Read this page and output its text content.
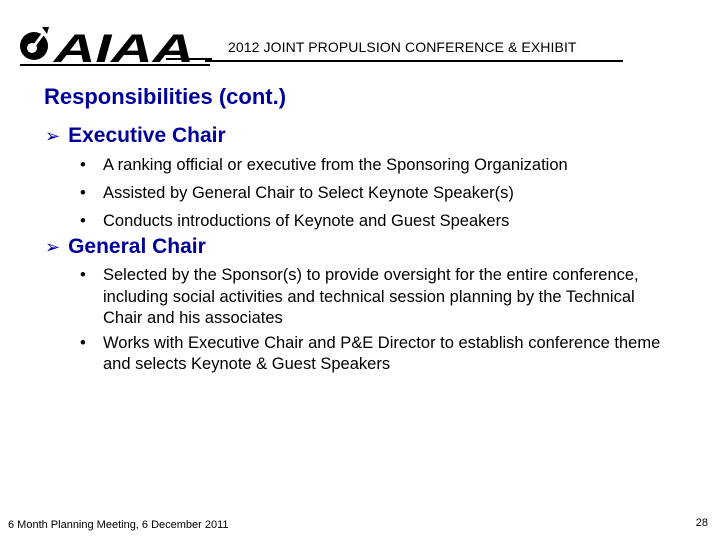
AIAA 2012 JOINT PROPULSION CONFERENCE & EXHIBIT
Responsibilities (cont.)
➢ Executive Chair
• A ranking official or executive from the Sponsoring Organization
• Assisted by General Chair to Select Keynote Speaker(s)
• Conducts introductions of Keynote and Guest Speakers
➢ General Chair
• Selected by the Sponsor(s) to provide oversight for the entire conference, including social activities and technical session planning by the Technical Chair and his associates
• Works with Executive Chair and P&E Director to establish conference theme and selects Keynote & Guest Speakers
6 Month Planning Meeting, 6 December 2011	28
